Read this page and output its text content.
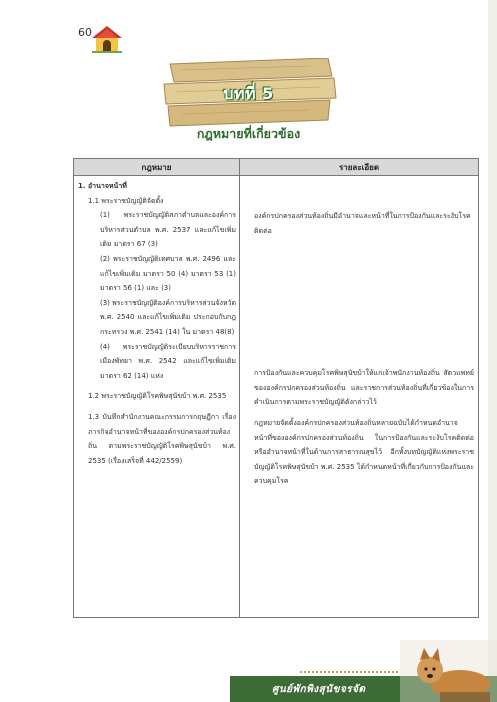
60
บทที่ 5
กฎหมายที่เกี่ยวข้อง
กฎหมาย	รายละเอียด

1. อำนาจหน้าที่

1.1 พระราชบัญญัติจัดตั้ง

(1) พระราชบัญญัติสภาตำบลและองค์การบริหารส่วนตำบล พ.ศ. 2537 และแก้ไขเพิ่มเติม มาตรา 67 (3)

(2) พระราชบัญญัติเทศบาล พ.ศ. 2496 และแก้ไขเพิ่มเติม มาตรา 50 (4) มาตรา 53 (1) มาตรา 56 (1) และ (3)

(3) พระราชบัญญัติองค์การบริหารส่วนจังหวัด พ.ศ. 2540 และแก้ไขเพิ่มเติม ประกอบกับกฎกระทรวง พ.ศ. 2541 (14) ใน มาตรา 48(8)

(4) พระราชบัญญัติระเบียบบริหารราชการเมืองพัทยา พ.ศ. 2542 และแก้ไขเพิ่มเติม มาตรา 62 (14) แห่ง

1.2 พระราชบัญญัติโรคพิษสุนัขบ้า พ.ศ. 2535

1.3 บันทึกสำนักงานคณะกรรมการกฤษฎีกา เรื่อง ภารกิจอำนาจหน้าที่ขององค์กรปกครองส่วนท้องถิ่น ตามพระราชบัญญัติโรคพิษสุนัขบ้า พ.ศ. 2535 (เรื่องเสร็จที่ 442/2559)

องค์กรปกครองส่วนท้องถิ่นมีอำนาจและหน้าที่ในการป้องกันและระงับโรคติดต่อ

การป้องกันและควบคุมโรคพิษสุนัขบ้าให้แก่เจ้าพนักงานท้องถิ่น สัตวแพทย์ขององค์กรปกครองส่วนท้องถิ่น และราชการส่วนท้องถิ่นที่เกี่ยวข้องในการดำเนินการตามพระราชบัญญัติดังกล่าวไว้

กฎหมายจัดตั้งองค์กรปกครองส่วนท้องถิ่นหลายฉบับได้กำหนดอำนาจหน้าที่ขององค์กรปกครองส่วนท้องถิ่น ในการป้องกันและระงับโรคติดต่อ หรืออำนาจหน้าที่ในด้านการสาธารณสุขไว้ อีกทั้งบทบัญญัติแห่งพระราชบัญญัติโรคพิษสุนัขบ้า พ.ศ. 2535 ได้กำหนดหน้าที่เกี่ยวกับการป้องกันและควบคุมโรค

ศูนย์พักพิงสุนัขจรจัด
